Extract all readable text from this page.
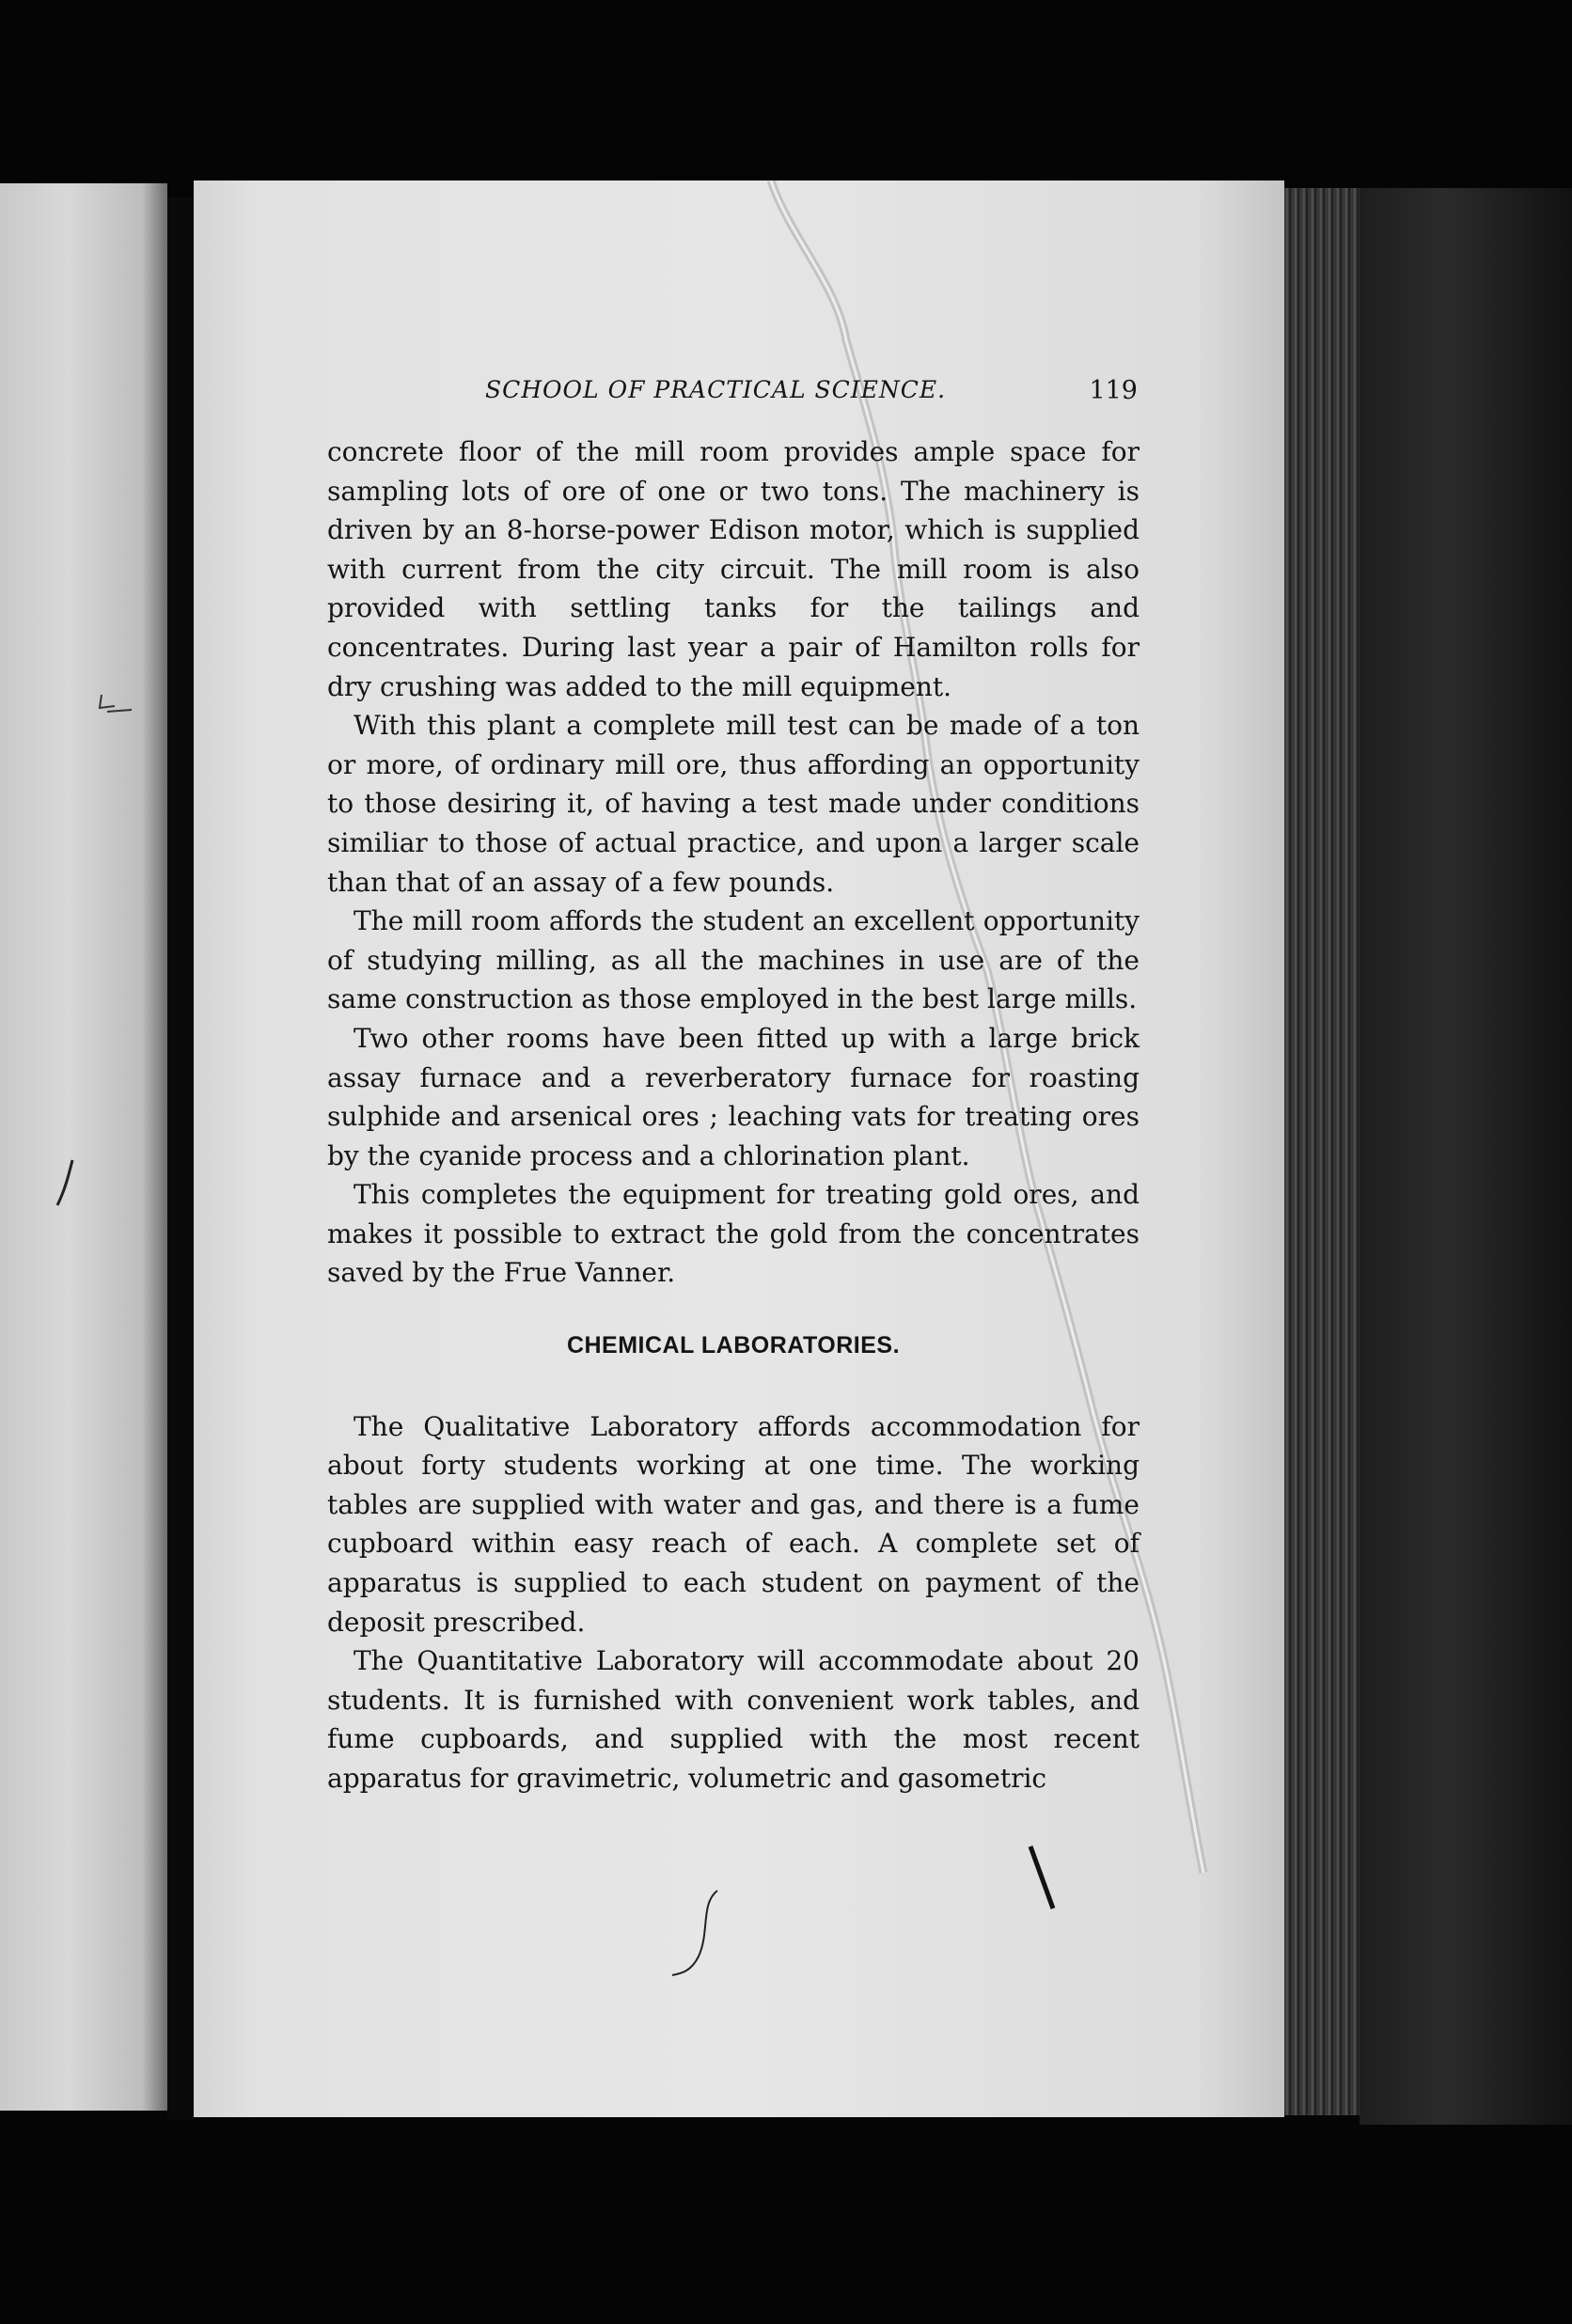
SCHOOL OF PRACTICAL SCIENCE.	119

concrete floor of the mill room provides ample space for sampling lots of ore of one or two tons. The machinery is driven by an 8-horse-power Edison motor, which is supplied with current from the city circuit. The mill room is also provided with settling tanks for the tailings and concentrates. During last year a pair of Hamilton rolls for dry crushing was added to the mill equipment.

With this plant a complete mill test can be made of a ton or more, of ordinary mill ore, thus affording an opportunity to those desiring it, of having a test made under conditions similiar to those of actual practice, and upon a larger scale than that of an assay of a few pounds.

The mill room affords the student an excellent opportunity of studying milling, as all the machines in use are of the same construction as those employed in the best large mills.

Two other rooms have been fitted up with a large brick assay furnace and a reverberatory furnace for roasting sulphide and arsenical ores ; leaching vats for treating ores by the cyanide process and a chlorination plant.

This completes the equipment for treating gold ores, and makes it possible to extract the gold from the concentrates saved by the Frue Vanner.

CHEMICAL LABORATORIES.

The Qualitative Laboratory affords accommodation for about forty students working at one time. The working tables are supplied with water and gas, and there is a fume cupboard within easy reach of each. A complete set of apparatus is supplied to each student on payment of the deposit prescribed.

The Quantitative Laboratory will accommodate about 20 students. It is furnished with convenient work tables, and fume cupboards, and supplied with the most recent apparatus for gravimetric, volumetric and gasometric
